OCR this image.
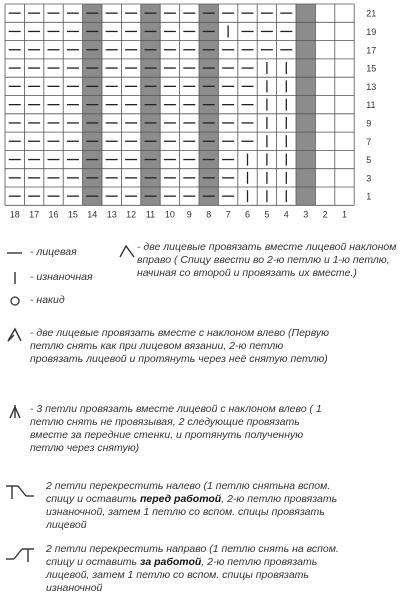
21
19
17
15
13
11
9
7
5
3
1
18 17 16 15 14 13 12 11 10 9 8 7 6 5 4 3 2 1
- лицевая
- изнаночная
- накид
- две лицевые провязать вместе лицевой наклоном вправо ( Спицу ввести во 2-ю петлю и 1-ю петлю, начиная со второй и провязать их вместе.)
- две лицевые провязать вместе с наклоном влево (Первую петлю снять как при лицевом вязании, 2-ю петлю провязать лицевой и протянуть через неё снятую петлю)
- 3 петли провязать вместе лицевой с наклоном влево ( 1 петлю снять не провязывая, 2 следующие провязать вместе за передние стенки, и протянуть полученную петлю через снятую)
2 петли перекрестить налево (1 петлю снятьна вспом. спицу и оставить перед работой, 2-ю петлю провязать изнаночной, затем 1 петлю со вспом. спицы провязать лицевой
2 петли перекрестить направо (1 петлю снять на вспом. спицу и оставить за работой, 2-ю петлю провязать лицевой, затем 1 петлю со вспом. спицы провязать изнаночной
